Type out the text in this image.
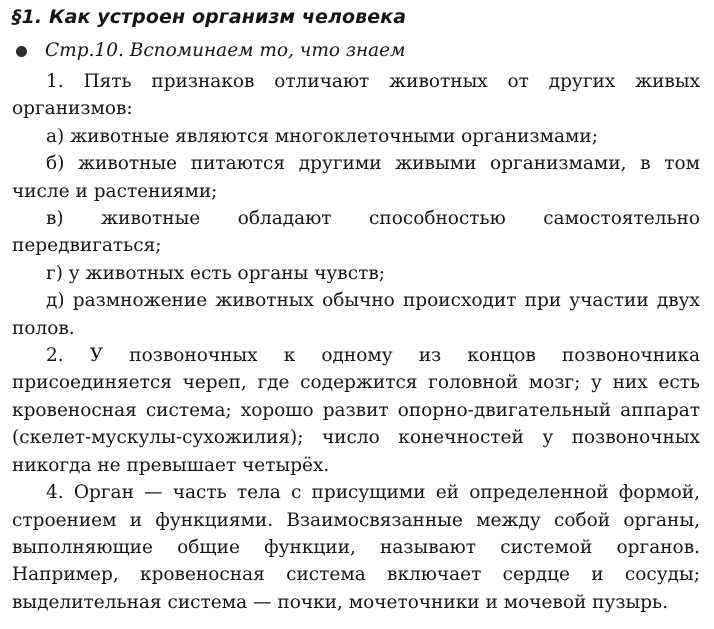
§1. Как устроен организм человека
Стр.10. Вспоминаем то, что знаем

1. Пять признаков отличают животных от других живых организмов:

а) животные являются многоклеточными организмами;

б) животные питаются другими живыми организмами, в том числе и растениями;

в) животные обладают способностью самостоятельно передвигаться;

г) у животных есть органы чувств;

д) размножение животных обычно происходит при участии двух полов.

2. У позвоночных к одному из концов позвоночника присоединяется череп, где содержится головной мозг; у них есть кровеносная система; хорошо развит опорно-двигательный аппарат (скелет-мускулы-сухожилия); число конечностей у позвоночных никогда не превышает четырёх.

4. Орган — часть тела с присущими ей определенной формой, строением и функциями. Взаимосвязанные между собой органы, выполняющие общие функции, называют системой органов. Например, кровеносная система включает сердце и сосуды; выделительная система — почки, мочеточники и мочевой пузырь.
